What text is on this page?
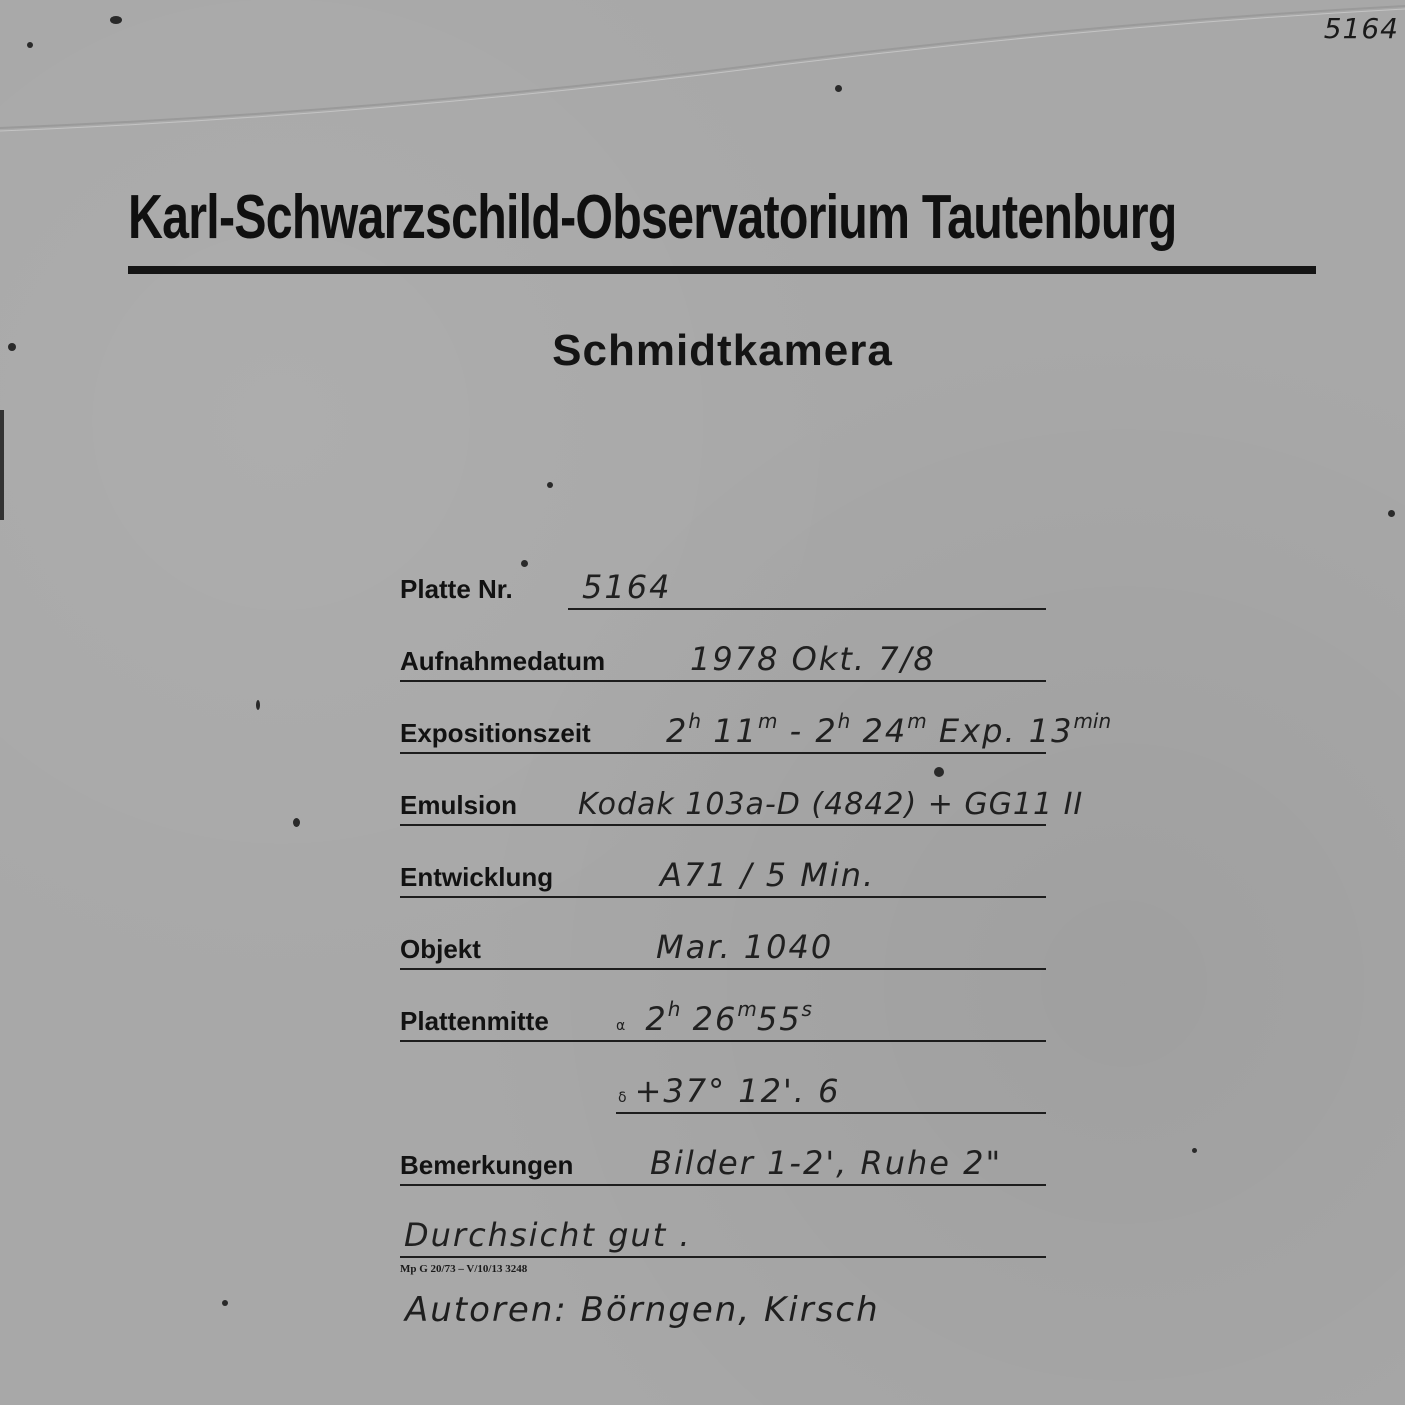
5164
Karl-Schwarzschild-Observatorium Tautenburg
Schmidtkamera
Platte Nr. 5164
Aufnahmedatum	1978 Okt. 7/8
Expositionszeit 2$^h$ 11$^m$ - 2$^h$ 24$^m$ Exp. $13^{min}$
Emulsion Kodak 103a-D (4842) + GG11 II
Entwicklung	A71 / 5 Min.
Objekt	Mar. 1040
Plattenmitte	α 2$^h$ 26$^m$55$^s$
δ +37° 12'. 6
Bemerkungen Bilder 1-2', Ruhe 2"
Durchsicht gut .
Mp G 20/73 – V/10/13 3248
Autoren: Börngen, Kirsch
